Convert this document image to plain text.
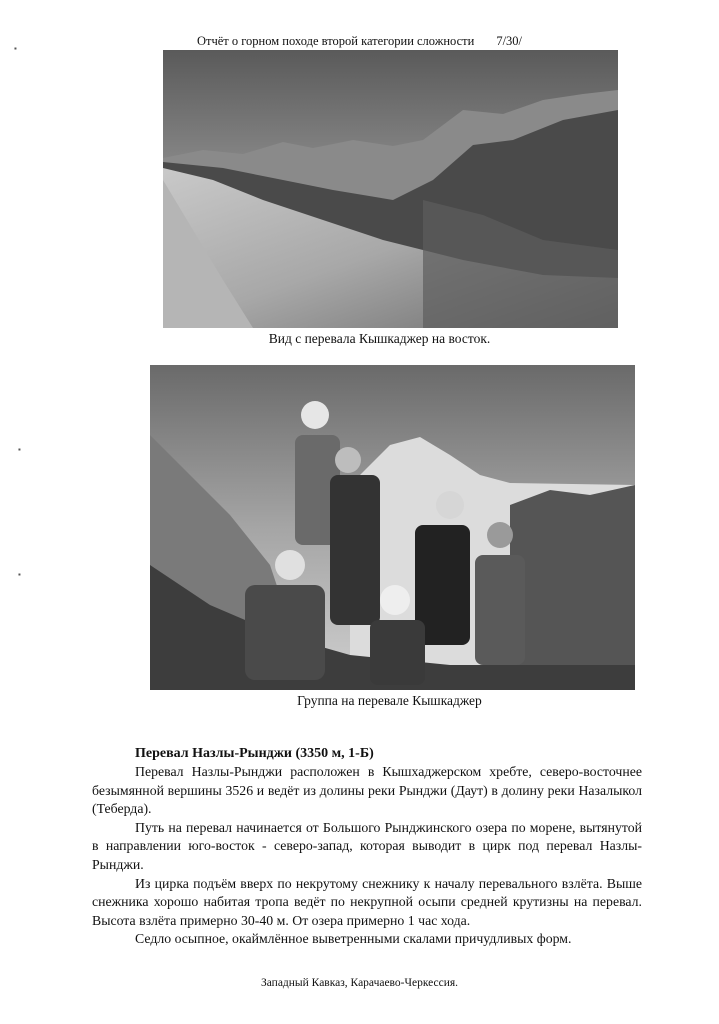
Отчёт о горном походе второй категории сложности 7/30/
▪
▪
▪
Вид с перевала Кышкаджер на восток.
Группа на перевале Кышкаджер
Перевал Назлы-Рынджи (3350 м, 1-Б)

Перевал Назлы-Рынджи расположен в Кышхаджерском хребте, северо-восточнее безымянной вершины 3526 и ведёт из долины реки Рынджи (Даут) в долину реки Назалыкол (Теберда).

Путь на перевал начинается от Большого Рынджинского озера по морене, вытянутой в направлении юго-восток - северо-запад, которая выводит в цирк под перевал Назлы-Рынджи.

Из цирка подъём вверх по некрутому снежнику к началу перевального взлёта. Выше снежника хорошо набитая тропа ведёт по некрупной осыпи средней крутизны на перевал. Высота взлёта примерно 30-40 м. От озера примерно 1 час хода.

Седло осыпное, окаймлённое выветренными скалами причудливых форм.

Западный Кавказ, Карачаево-Черкессия.
